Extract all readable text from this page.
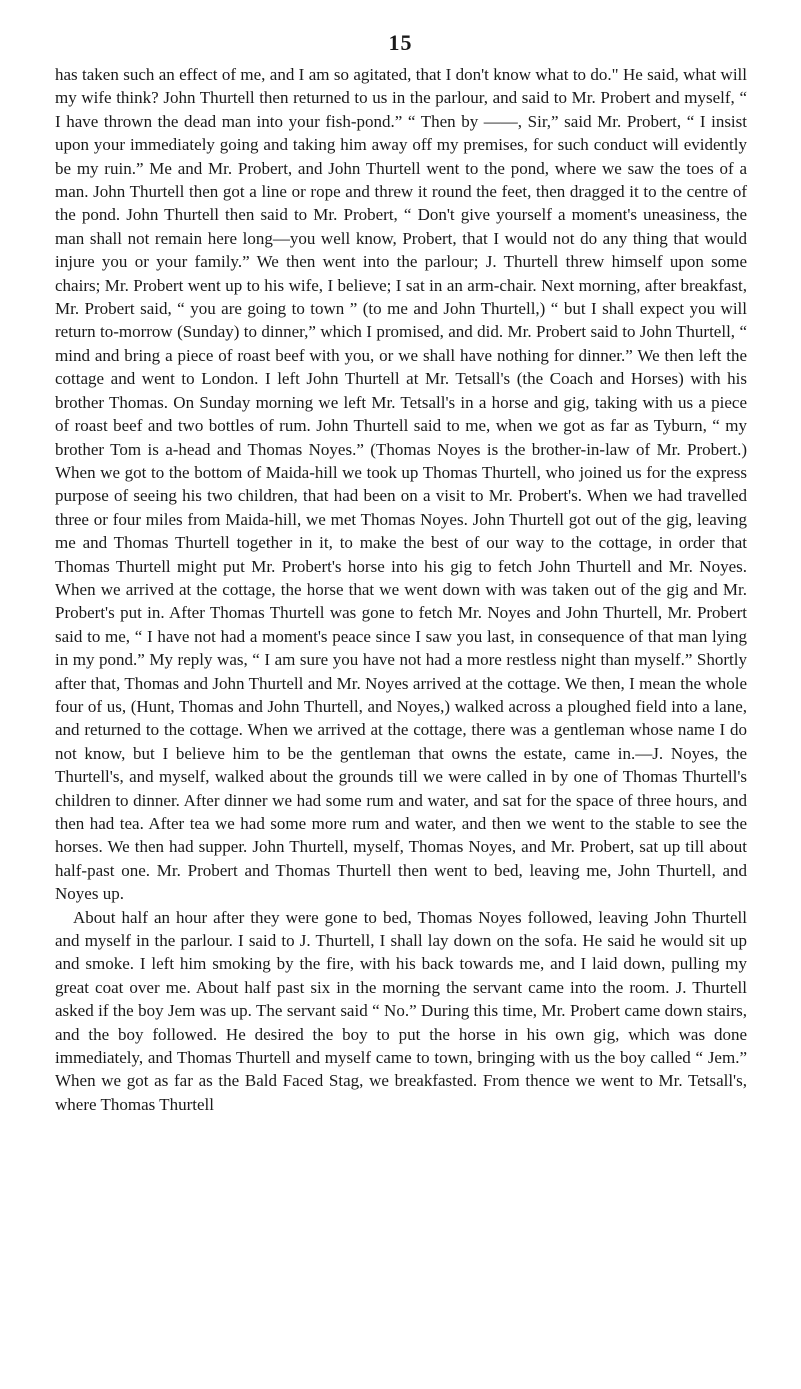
15

has taken such an effect of me, and I am so agitated, that I don't know what to do." He said, what will my wife think? John Thurtell then returned to us in the parlour, and said to Mr. Probert and myself, “ I have thrown the dead man into your fish-pond.” “ Then by ——, Sir,” said Mr. Probert, “ I insist upon your immediately going and taking him away off my premises, for such conduct will evidently be my ruin.” Me and Mr. Probert, and John Thurtell went to the pond, where we saw the toes of a man. John Thurtell then got a line or rope and threw it round the feet, then dragged it to the centre of the pond. John Thurtell then said to Mr. Probert, “ Don't give yourself a moment's uneasiness, the man shall not remain here long—you well know, Probert, that I would not do any thing that would injure you or your family.” We then went into the parlour; J. Thurtell threw himself upon some chairs; Mr. Probert went up to his wife, I believe; I sat in an arm-chair. Next morning, after breakfast, Mr. Probert said, “ you are going to town ” (to me and John Thurtell,) “ but I shall expect you will return to-morrow (Sunday) to dinner,” which I promised, and did. Mr. Probert said to John Thurtell, “ mind and bring a piece of roast beef with you, or we shall have nothing for dinner.” We then left the cottage and went to London. I left John Thurtell at Mr. Tetsall's (the Coach and Horses) with his brother Thomas. On Sunday morning we left Mr. Tetsall's in a horse and gig, taking with us a piece of roast beef and two bottles of rum. John Thurtell said to me, when we got as far as Tyburn, “ my brother Tom is a-head and Thomas Noyes.” (Thomas Noyes is the brother-in-law of Mr. Probert.) When we got to the bottom of Maida-hill we took up Thomas Thurtell, who joined us for the express purpose of seeing his two children, that had been on a visit to Mr. Probert's. When we had travelled three or four miles from Maida-hill, we met Thomas Noyes. John Thurtell got out of the gig, leaving me and Thomas Thurtell together in it, to make the best of our way to the cottage, in order that Thomas Thurtell might put Mr. Probert's horse into his gig to fetch John Thurtell and Mr. Noyes. When we arrived at the cottage, the horse that we went down with was taken out of the gig and Mr. Probert's put in. After Thomas Thurtell was gone to fetch Mr. Noyes and John Thurtell, Mr. Probert said to me, “ I have not had a moment's peace since I saw you last, in consequence of that man lying in my pond.” My reply was, “ I am sure you have not had a more restless night than myself.” Shortly after that, Thomas and John Thurtell and Mr. Noyes arrived at the cottage. We then, I mean the whole four of us, (Hunt, Thomas and John Thurtell, and Noyes,) walked across a ploughed field into a lane, and returned to the cottage. When we arrived at the cottage, there was a gentleman whose name I do not know, but I believe him to be the gentleman that owns the estate, came in.—J. Noyes, the Thurtell's, and myself, walked about the grounds till we were called in by one of Thomas Thurtell's children to dinner. After dinner we had some rum and water, and sat for the space of three hours, and then had tea. After tea we had some more rum and water, and then we went to the stable to see the horses. We then had supper. John Thurtell, myself, Thomas Noyes, and Mr. Probert, sat up till about half-past one. Mr. Probert and Thomas Thurtell then went to bed, leaving me, John Thurtell, and Noyes up.

About half an hour after they were gone to bed, Thomas Noyes followed, leaving John Thurtell and myself in the parlour. I said to J. Thurtell, I shall lay down on the sofa. He said he would sit up and smoke. I left him smoking by the fire, with his back towards me, and I laid down, pulling my great coat over me. About half past six in the morning the servant came into the room. J. Thurtell asked if the boy Jem was up. The servant said “ No.” During this time, Mr. Probert came down stairs, and the boy followed. He desired the boy to put the horse in his own gig, which was done immediately, and Thomas Thurtell and myself came to town, bringing with us the boy called “ Jem.” When we got as far as the Bald Faced Stag, we breakfasted. From thence we went to Mr. Tetsall's, where Thomas Thurtell
